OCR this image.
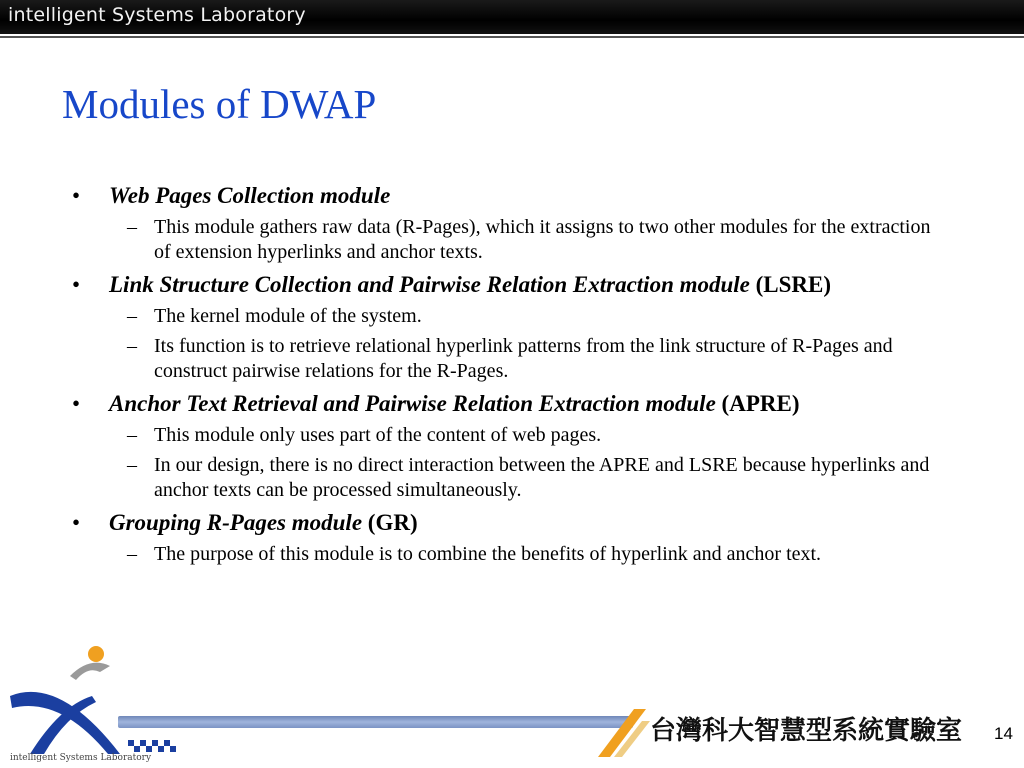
intelligent Systems Laboratory
Modules of DWAP
• Web Pages Collection module
– This module gathers raw data (R-Pages), which it assigns to two other modules for the extraction of extension hyperlinks and anchor texts.
• Link Structure Collection and Pairwise Relation Extraction module (LSRE)
– The kernel module of the system.
– Its function is to retrieve relational hyperlink patterns from the link structure of R-Pages and construct pairwise relations for the R-Pages.
• Anchor Text Retrieval and Pairwise Relation Extraction module (APRE)
– This module only uses part of the content of web pages.
– In our design, there is no direct interaction between the APRE and LSRE because hyperlinks and anchor texts can be processed simultaneously.
• Grouping R-Pages module (GR)
– The purpose of this module is to combine the benefits of hyperlink and anchor text.
intelligent Systems Laboratory
台灣科大智慧型系統實驗室 14
